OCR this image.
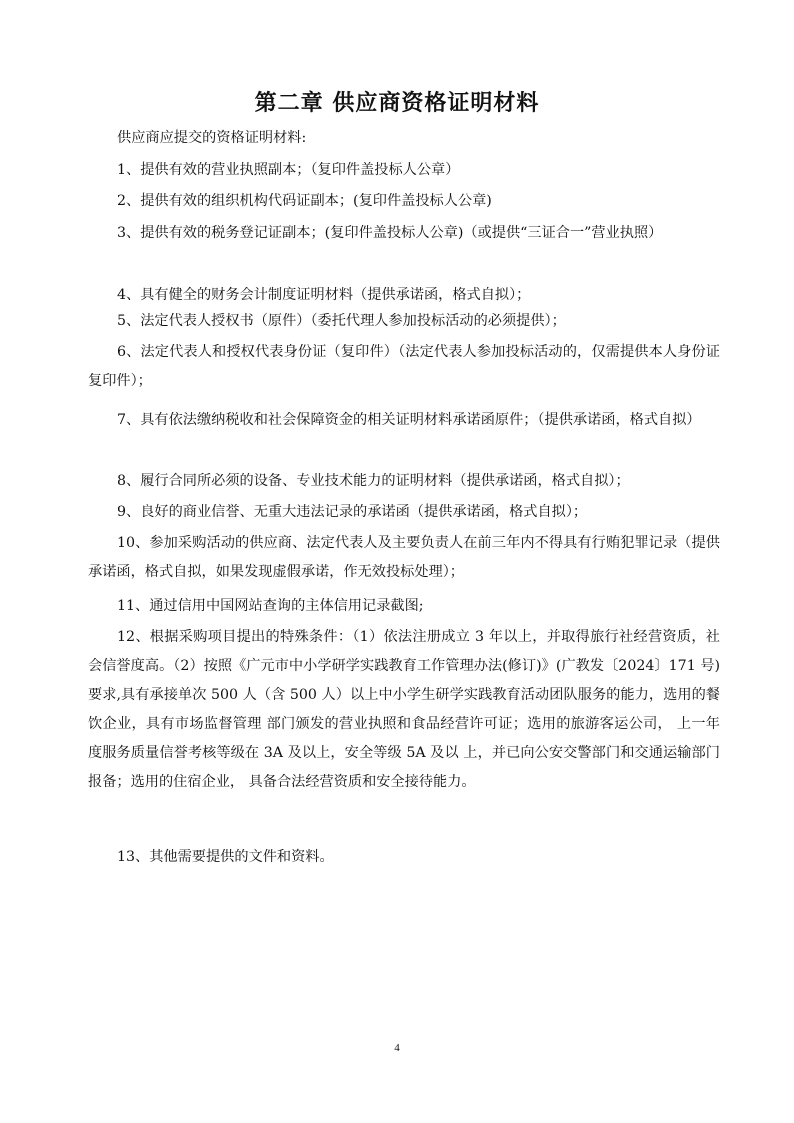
第二章 供应商资格证明材料

供应商应提交的资格证明材料:

1、提供有效的营业执照副本；（复印件盖投标人公章）

2、提供有效的组织机构代码证副本；(复印件盖投标人公章)

3、提供有效的税务登记证副本；(复印件盖投标人公章)（或提供“三证合一”营业执照）

4、具有健全的财务会计制度证明材料（提供承诺函，格式自拟）；

5、法定代表人授权书（原件）（委托代理人参加投标活动的必须提供）；

6、法定代表人和授权代表身份证（复印件）（法定代表人参加投标活动的，仅需提供本人身份证复印件）；

7、具有依法缴纳税收和社会保障资金的相关证明材料承诺函原件；（提供承诺函，格式自拟）

8、履行合同所必须的设备、专业技术能力的证明材料（提供承诺函，格式自拟）；

9、良好的商业信誉、无重大违法记录的承诺函（提供承诺函，格式自拟）；

10、参加采购活动的供应商、法定代表人及主要负责人在前三年内不得具有行贿犯罪记录（提供承诺函，格式自拟，如果发现虚假承诺，作无效投标处理）；

11、通过信用中国网站查询的主体信用记录截图;

12、根据采购项目提出的特殊条件：（1）依法注册成立 3 年以上，并取得旅行社经营资质，社会信誉度高。（2）按照《广元市中小学研学实践教育工作管理办法(修订)》(广教发〔2024〕171 号)要求,具有承接单次 500 人（含 500 人）以上中小学生研学实践教育活动团队服务的能力，选用的餐饮企业，具有市场监督管理 部门颁发的营业执照和食品经营许可证；选用的旅游客运公司， 上一年度服务质量信誉考核等级在 3A 及以上，安全等级 5A 及以 上，并已向公安交警部门和交通运输部门报备；选用的住宿企业， 具备合法经营资质和安全接待能力。

13、其他需要提供的文件和资料。

4
